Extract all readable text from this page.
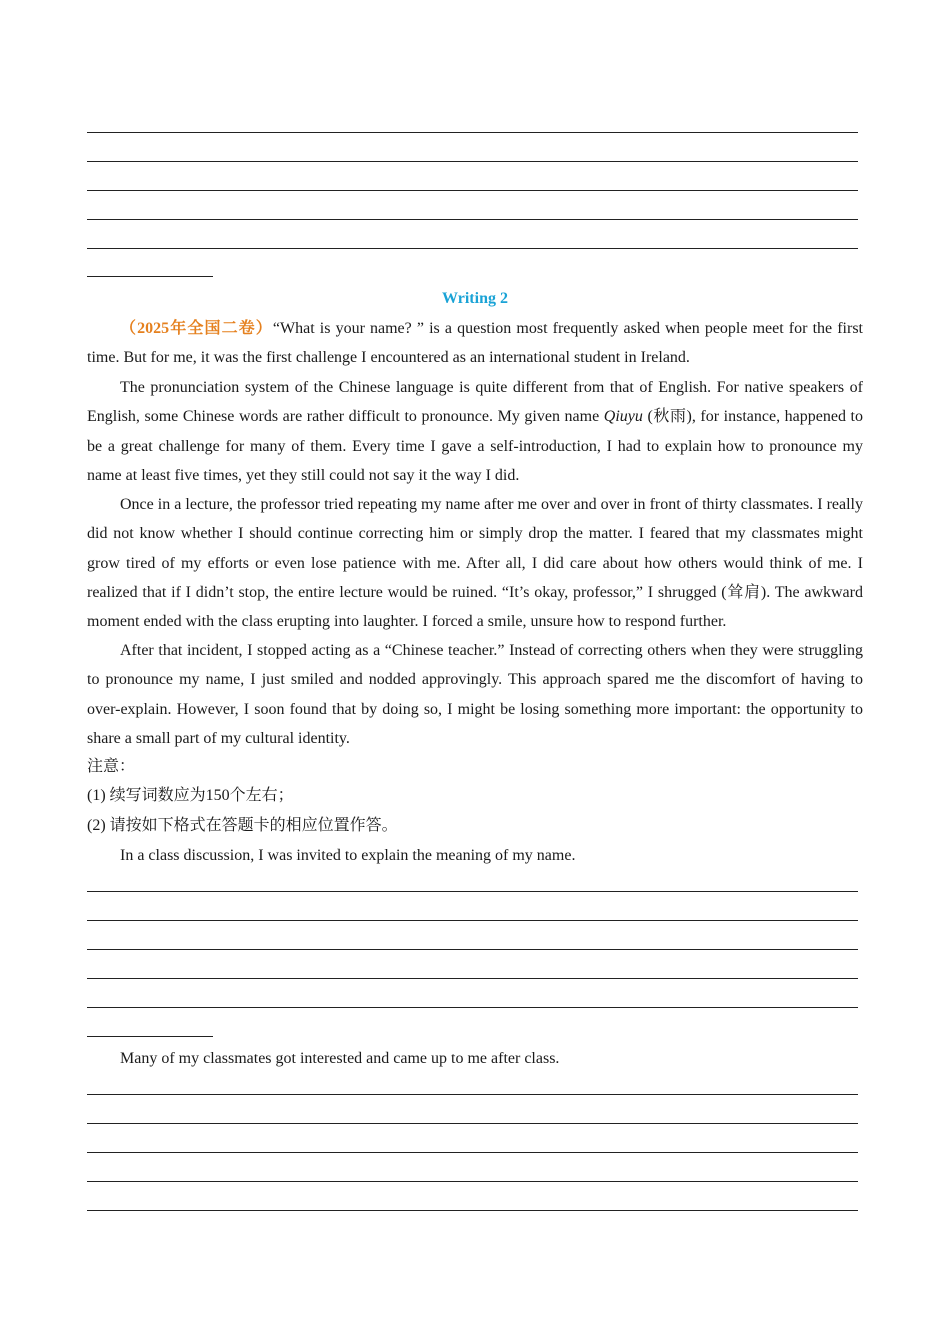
Writing 2

（2025年全国二卷）“What is your name? ” is a question most frequently asked when people meet for the first time. But for me, it was the first challenge I encountered as an international student in Ireland.

The pronunciation system of the Chinese language is quite different from that of English. For native speakers of English, some Chinese words are rather difficult to pronounce. My given name Qiuyu (秋雨), for instance, happened to be a great challenge for many of them. Every time I gave a self-introduction, I had to explain how to pronounce my name at least five times, yet they still could not say it the way I did.

Once in a lecture, the professor tried repeating my name after me over and over in front of thirty classmates. I really did not know whether I should continue correcting him or simply drop the matter. I feared that my classmates might grow tired of my efforts or even lose patience with me. After all, I did care about how others would think of me. I realized that if I didn’t stop, the entire lecture would be ruined. “It’s okay, professor,” I shrugged (耸肩). The awkward moment ended with the class erupting into laughter. I forced a smile, unsure how to respond further.

After that incident, I stopped acting as a “Chinese teacher.” Instead of correcting others when they were struggling to pronounce my name, I just smiled and nodded approvingly. This approach spared me the discomfort of having to over-explain. However, I soon found that by doing so, I might be losing something more important: the opportunity to share a small part of my cultural identity.

注意：
(1) 续写词数应为150个左右；
(2) 请按如下格式在答题卡的相应位置作答。
In a class discussion, I was invited to explain the meaning of my name.
Many of my classmates got interested and came up to me after class.
